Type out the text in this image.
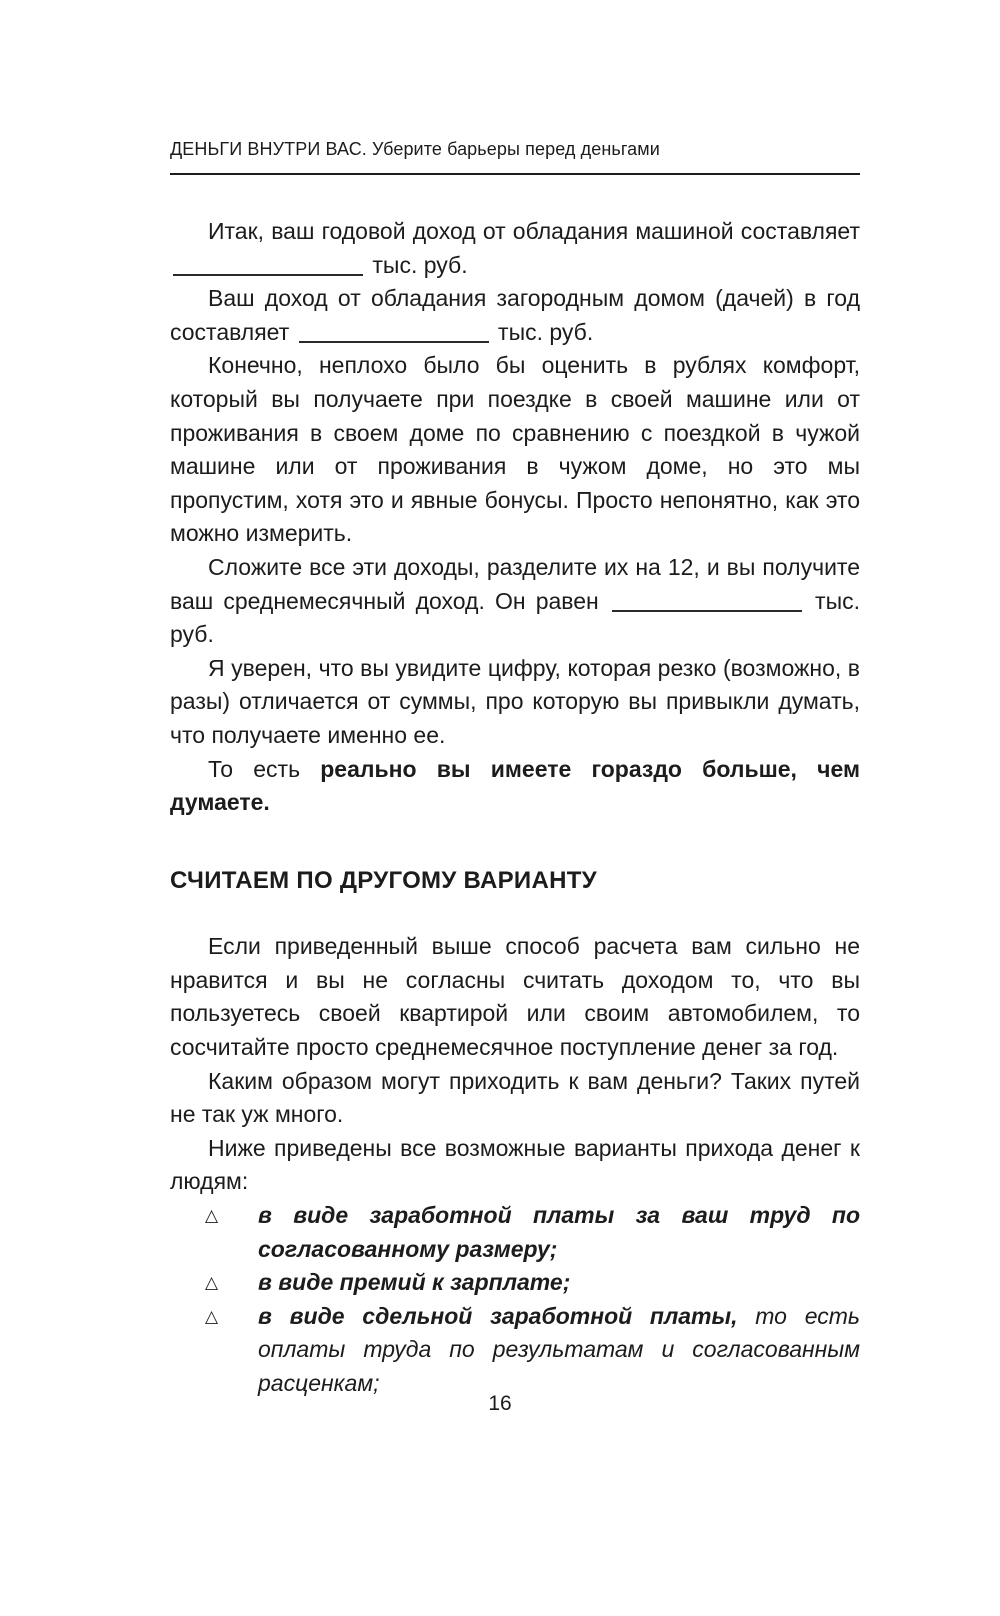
ДЕНЬГИ ВНУТРИ ВАС. Уберите барьеры перед деньгами

Итак, ваш годовой доход от обладания машиной составляет  тыс. руб.

Ваш доход от обладания загородным домом (дачей) в год составляет	тыс. руб.

Конечно, неплохо было бы оценить в рублях комфорт, который вы получаете при поездке в своей машине или от проживания в своем доме по сравнению с поездкой в чужой машине или от проживания в чужом доме, но это мы пропустим, хотя это и явные бонусы. Просто непонятно, как это можно измерить.

Сложите все эти доходы, разделите их на 12, и вы получите ваш среднемесячный доход. Он равен	тыс. руб.

Я уверен, что вы увидите цифру, которая резко (возможно, в разы) отличается от суммы, про которую вы привыкли думать, что получаете именно ее.

То есть реально вы имеете гораздо больше, чем думаете.

СЧИТАЕМ ПО ДРУГОМУ ВАРИАНТУ

Если приведенный выше способ расчета вам сильно не нравится и вы не согласны считать доходом то, что вы пользуетесь своей квартирой или своим автомобилем, то сосчитайте просто среднемесячное поступление денег за год.

Каким образом могут приходить к вам деньги? Таких путей не так уж много.

Ниже приведены все возможные варианты прихода денег к людям:

△	в виде заработной платы за ваш труд по согласованному размеру;
△	в виде премий к зарплате;
△	в виде сдельной заработной платы, то есть оплаты труда по результатам и согласованным расценкам;
16
